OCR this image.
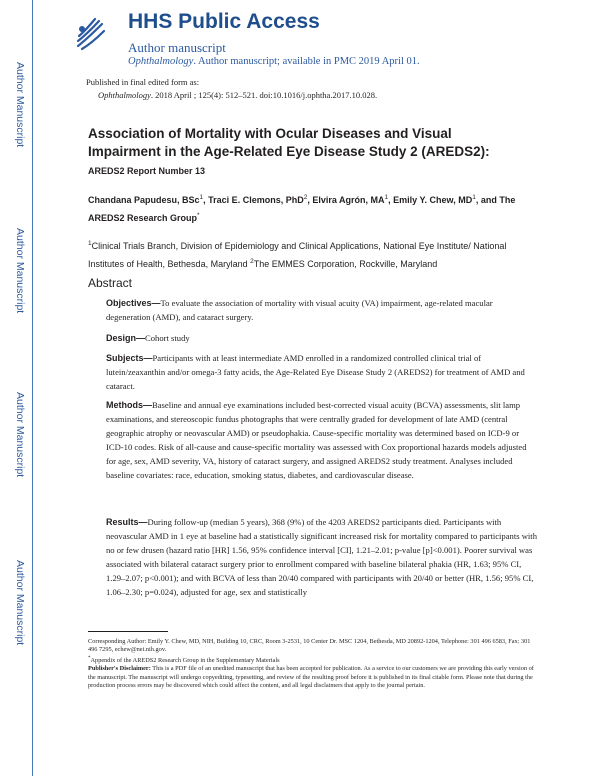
Author Manuscript
Author Manuscript
Author Manuscript
Author Manuscript
HHS Public Access
Author manuscript
Ophthalmology. Author manuscript; available in PMC 2019 April 01.
Published in final edited form as:
Ophthalmology. 2018 April ; 125(4): 512–521. doi:10.1016/j.ophtha.2017.10.028.
Association of Mortality with Ocular Diseases and Visual Impairment in the Age-Related Eye Disease Study 2 (AREDS2):
AREDS2 Report Number 13
Chandana Papudesu, BSc$^1$, Traci E. Clemons, PhD$^2$, Elvira Agrón, $MA^1$, Emily Y. Chew, $MD^1$, and The AREDS2 Research Group*
$^1$Clinical Trials Branch, Division of Epidemiology and Clinical Applications, National Eye Institute/ National Institutes of Health, Bethesda, Maryland $^2$The EMMES Corporation, Rockville, Maryland
Abstract
Objectives—To evaluate the association of mortality with visual acuity (VA) impairment, age-related macular degeneration (AMD), and cataract surgery.
Design—Cohort study
Subjects—Participants with at least intermediate AMD enrolled in a randomized controlled clinical trial of lutein/zeaxanthin and/or omega-3 fatty acids, the Age-Related Eye Disease Study 2 (AREDS2) for treatment of AMD and cataract.
Methods—Baseline and annual eye examinations included best-corrected visual acuity (BCVA) assessments, slit lamp examinations, and stereoscopic fundus photographs that were centrally graded for development of late AMD (central geographic atrophy or neovascular AMD) or pseudophakia. Cause-specific mortality was determined based on ICD-9 or ICD-10 codes. Risk of all-cause and cause-specific mortality was assessed with Cox proportional hazards models adjusted for age, sex, AMD severity, VA, history of cataract surgery, and assigned AREDS2 study treatment. Analyses included baseline covariates: race, education, smoking status, diabetes, and cardiovascular disease.
Results—During follow-up (median 5 years), 368 (9%) of the 4203 AREDS2 participants died. Participants with neovascular AMD in 1 eye at baseline had a statistically significant increased risk for mortality compared to participants with no or few drusen (hazard ratio [HR] 1.56, 95% confidence interval [CI], 1.21–2.01; p-value [p]<0.001). Poorer survival was associated with bilateral cataract surgery prior to enrollment compared with baseline bilateral phakia (HR, 1.63; 95% CI, 1.29–2.07; p<0.001); and with BCVA of less than 20/40 compared with participants with 20/40 or better (HR, 1.56; 95% CI, 1.06–2.30; p=0.024), adjusted for age, sex and statistically

Corresponding Author: Emily Y. Chew, MD, NIH, Building 10, CRC, Room 3-2531, 10 Center Dr. MSC 1204, Bethesda, MD 20892-1204, Telephone: 301 496 6583, Fax: 301 496 7295, echew@nei.nih.gov.

*Appendix of the AREDS2 Research Group in the Supplementary Materials

Publisher's Disclaimer: This is a PDF file of an unedited manuscript that has been accepted for publication. As a service to our customers we are providing this early version of the manuscript. The manuscript will undergo copyediting, typesetting, and review of the resulting proof before it is published in its final citable form. Please note that during the production process errors may be discovered which could affect the content, and all legal disclaimers that apply to the journal pertain.
